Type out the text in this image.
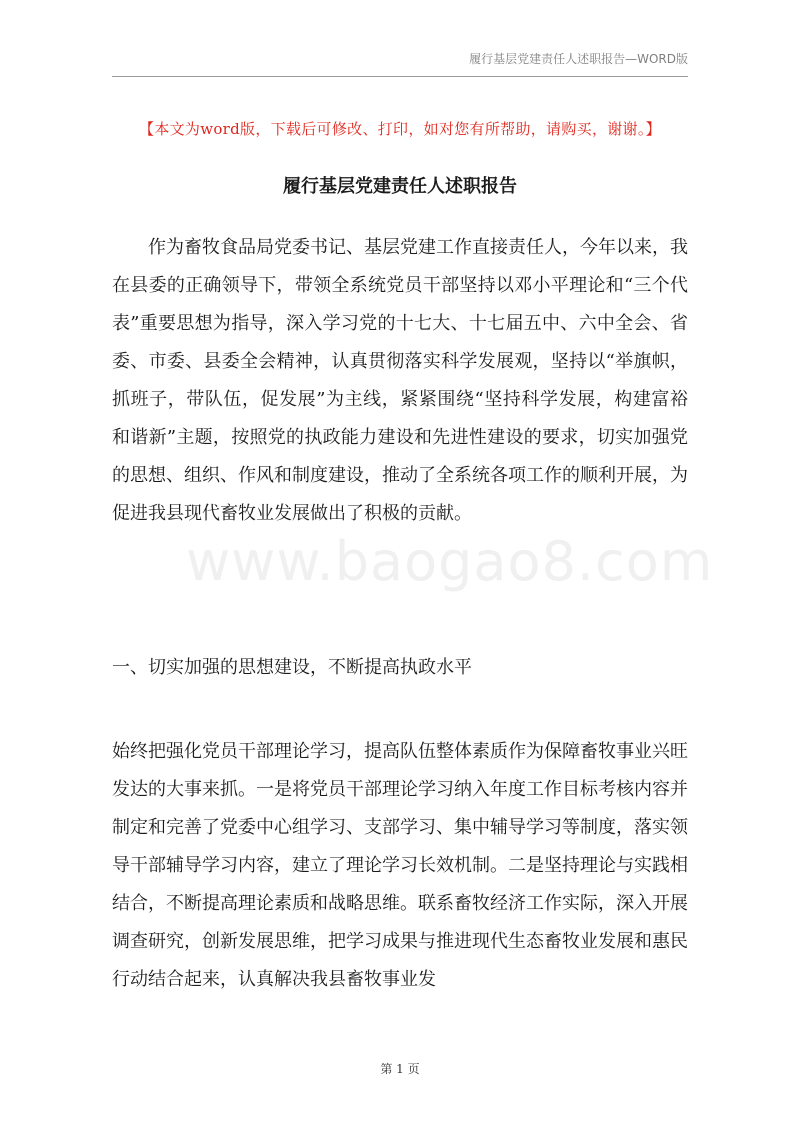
履行基层党建责任人述职报告—WORD版
【本文为word版，下载后可修改、打印，如对您有所帮助，请购买，谢谢。】
履行基层党建责任人述职报告

作为畜牧食品局党委书记、基层党建工作直接责任人，今年以来，我在县委的正确领导下，带领全系统党员干部坚持以邓小平理论和“三个代表”重要思想为指导，深入学习党的十七大、十七届五中、六中全会、省委、市委、县委全会精神，认真贯彻落实科学发展观，坚持以“举旗帜，抓班子，带队伍，促发展”为主线，紧紧围绕“坚持科学发展，构建富裕和谐新”主题，按照党的执政能力建设和先进性建设的要求，切实加强党的思想、组织、作风和制度建设，推动了全系统各项工作的顺利开展，为促进我县现代畜牧业发展做出了积极的贡献。

www.baogao8.com

一、切实加强的思想建设，不断提高执政水平

始终把强化党员干部理论学习，提高队伍整体素质作为保障畜牧事业兴旺发达的大事来抓。一是将党员干部理论学习纳入年度工作目标考核内容并制定和完善了党委中心组学习、支部学习、集中辅导学习等制度，落实领导干部辅导学习内容，建立了理论学习长效机制。二是坚持理论与实践相结合，不断提高理论素质和战略思维。联系畜牧经济工作实际，深入开展调查研究，创新发展思维，把学习成果与推进现代生态畜牧业发展和惠民行动结合起来，认真解决我县畜牧事业发

第 1 页
